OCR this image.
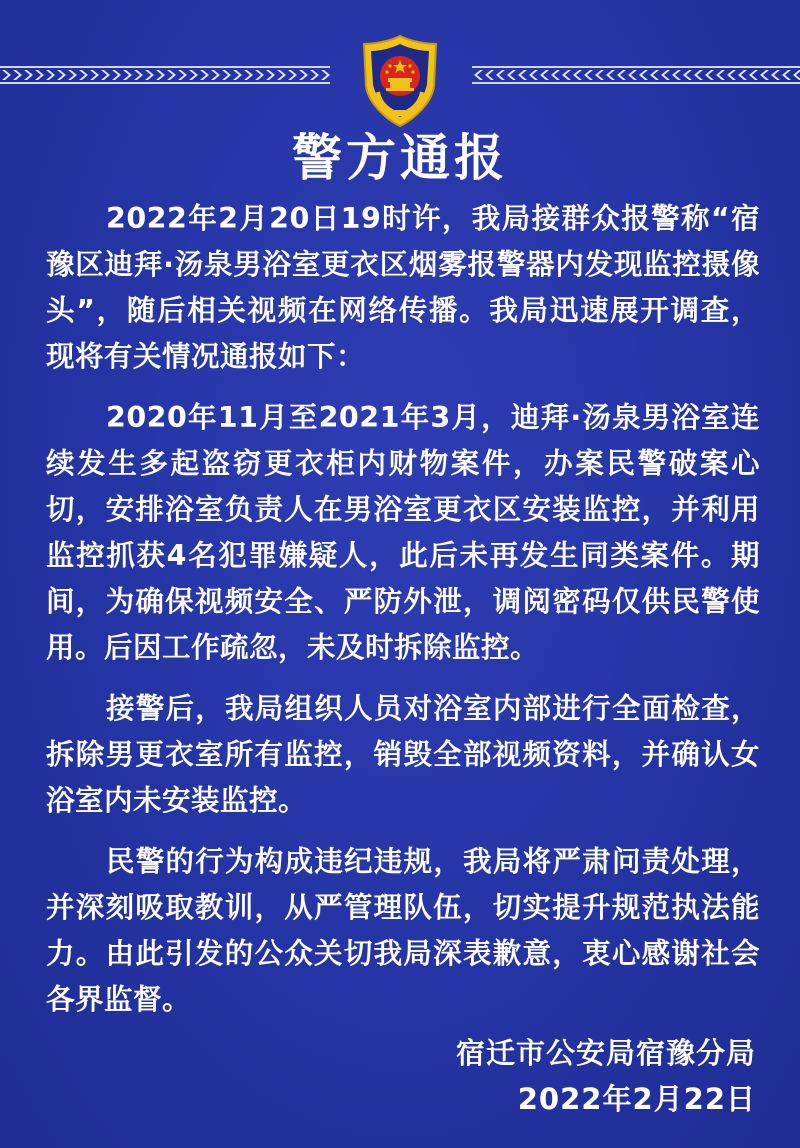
警方通报

2022年2月20日19时许，我局接群众报警称“宿豫区迪拜·汤泉男浴室更衣区烟雾报警器内发现监控摄像头”，随后相关视频在网络传播。我局迅速展开调查，现将有关情况通报如下：

2020年11月至2021年3月，迪拜·汤泉男浴室连续发生多起盗窃更衣柜内财物案件，办案民警破案心切，安排浴室负责人在男浴室更衣区安装监控，并利用监控抓获4名犯罪嫌疑人，此后未再发生同类案件。期间，为确保视频安全、严防外泄，调阅密码仅供民警使用。后因工作疏忽，未及时拆除监控。

接警后，我局组织人员对浴室内部进行全面检查，拆除男更衣室所有监控，销毁全部视频资料，并确认女浴室内未安装监控。

民警的行为构成违纪违规，我局将严肃问责处理，并深刻吸取教训，从严管理队伍，切实提升规范执法能力。由此引发的公众关切我局深表歉意，衷心感谢社会各界监督。

宿迁市公安局宿豫分局
2022年2月22日
